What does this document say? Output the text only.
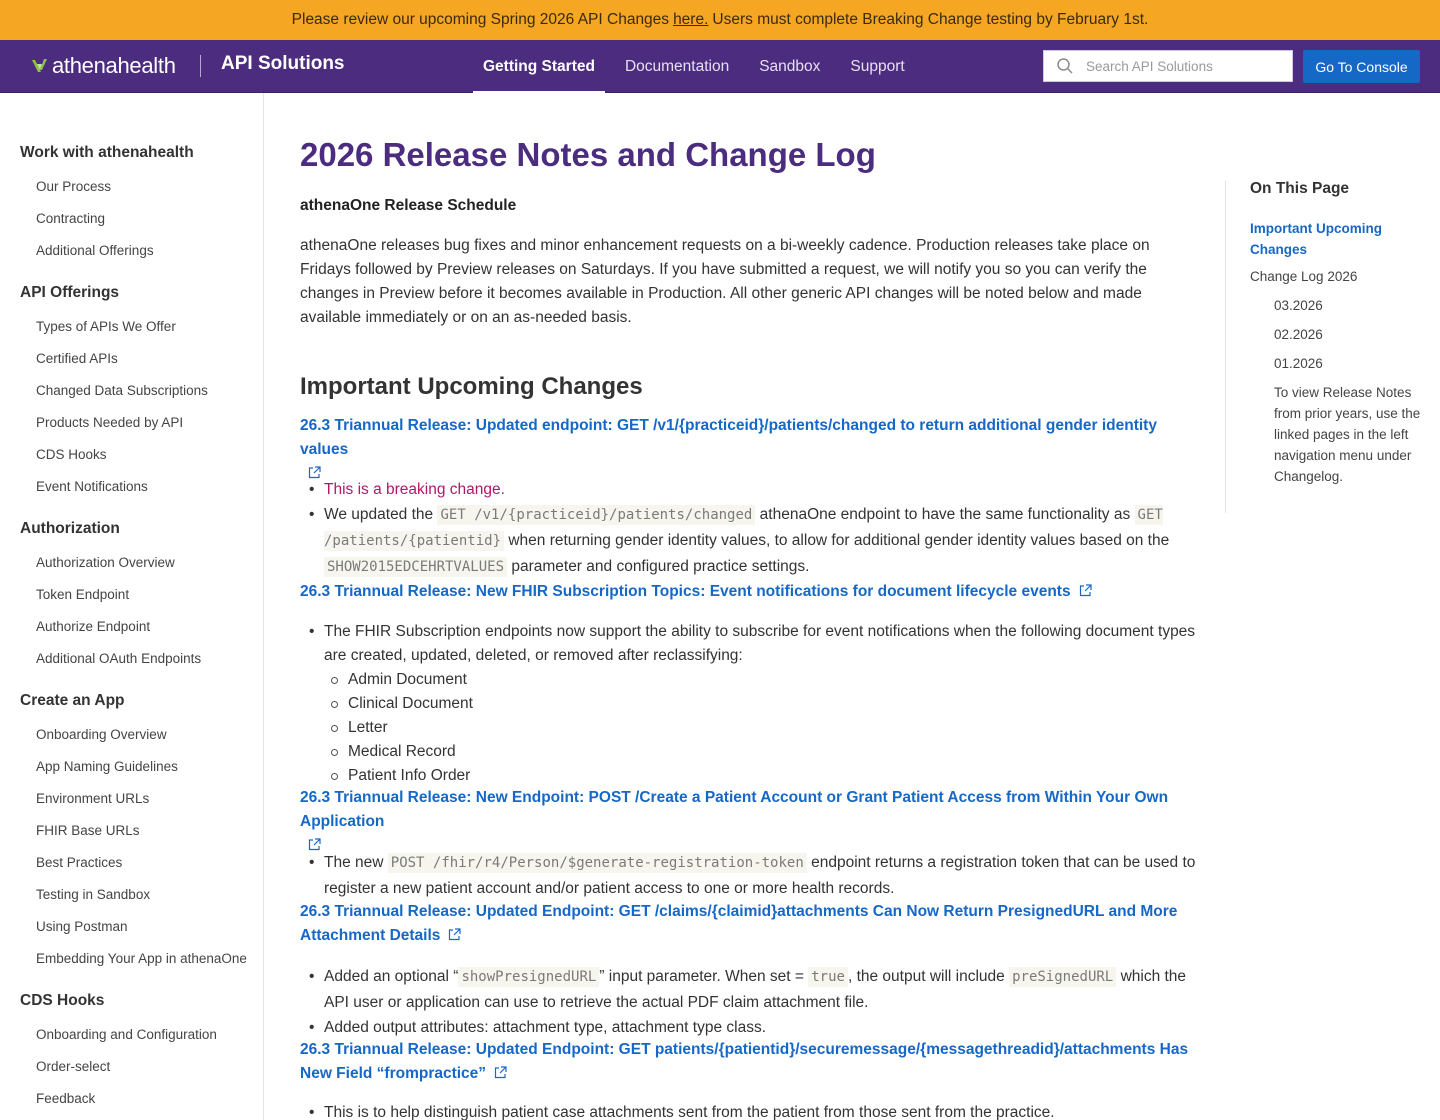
Please review our upcoming Spring 2026 API Changes here. Users must complete Breaking Change testing by February 1st.
athenahealth API Solutions	Getting Started	Documentation	Sandbox	Support
Search API Solutions	Go To Console
Work with athenahealth
Our Process
Contracting
Additional Offerings
API Offerings
Types of APIs We Offer
Certified APIs
Changed Data Subscriptions
Products Needed by API
CDS Hooks
Event Notifications
Authorization
Authorization Overview
Token Endpoint
Authorize Endpoint
Additional OAuth Endpoints
Create an App
Onboarding Overview
App Naming Guidelines
Environment URLs
FHIR Base URLs
Best Practices
Testing in Sandbox
Using Postman
Embedding Your App in athenaOne
CDS Hooks
Onboarding and Configuration
Order-select
Feedback
2026 Release Notes and Change Log
athenaOne Release Schedule

athenaOne releases bug fixes and minor enhancement requests on a bi-weekly cadence. Production releases take place on Fridays followed by Preview releases on Saturdays. If you have submitted a request, we will notify you so you can verify the changes in Preview before it becomes available in Production. All other generic API changes will be noted below and made available immediately or on an as-needed basis.

Important Upcoming Changes
26.3 Triannual Release: Updated endpoint: GET /v1/{practiceid}/patients/changed to return additional gender identity values
• This is a breaking change.
• We updated the GET /v1/{practiceid}/patients/changed athenaOne endpoint to have the same functionality as GET /patients/{patientid} when returning gender identity values, to allow for additional gender identity values based on the SHOW2015EDCEHRTVALUES parameter and configured practice settings.
26.3 Triannual Release: New FHIR Subscription Topics: Event notifications for document lifecycle events
• The FHIR Subscription endpoints now support the ability to subscribe for event notifications when the following document types are created, updated, deleted, or removed after reclassifying:
Admin Document
Clinical Document
Letter
Medical Record
Patient Info Order
26.3 Triannual Release: New Endpoint: POST /Create a Patient Account or Grant Patient Access from Within Your Own Application
• The new POST /fhir/r4/Person/$generate-registration-token endpoint returns a registration token that can be used to register a new patient account and/or patient access to one or more health records.
26.3 Triannual Release: Updated Endpoint: GET /claims/{claimid}attachments Can Now Return PresignedURL and More Attachment Details
• Added an optional “ showPresignedURL ” input parameter. When set = true , the output will include preSignedURL which the API user or application can use to retrieve the actual PDF claim attachment file.
• Added output attributes: attachment type, attachment type class.
26.3 Triannual Release: Updated Endpoint: GET patients/{patientid}/securemessage/{messagethreadid}/attachments Has New Field “frompractice”
• This is to help distinguish patient case attachments sent from the patient from those sent from the practice.
On This Page
Important Upcoming Changes
Change Log 2026
03.2026
02.2026
01.2026
To view Release Notes from prior years, use the linked pages in the left navigation menu under Changelog.
